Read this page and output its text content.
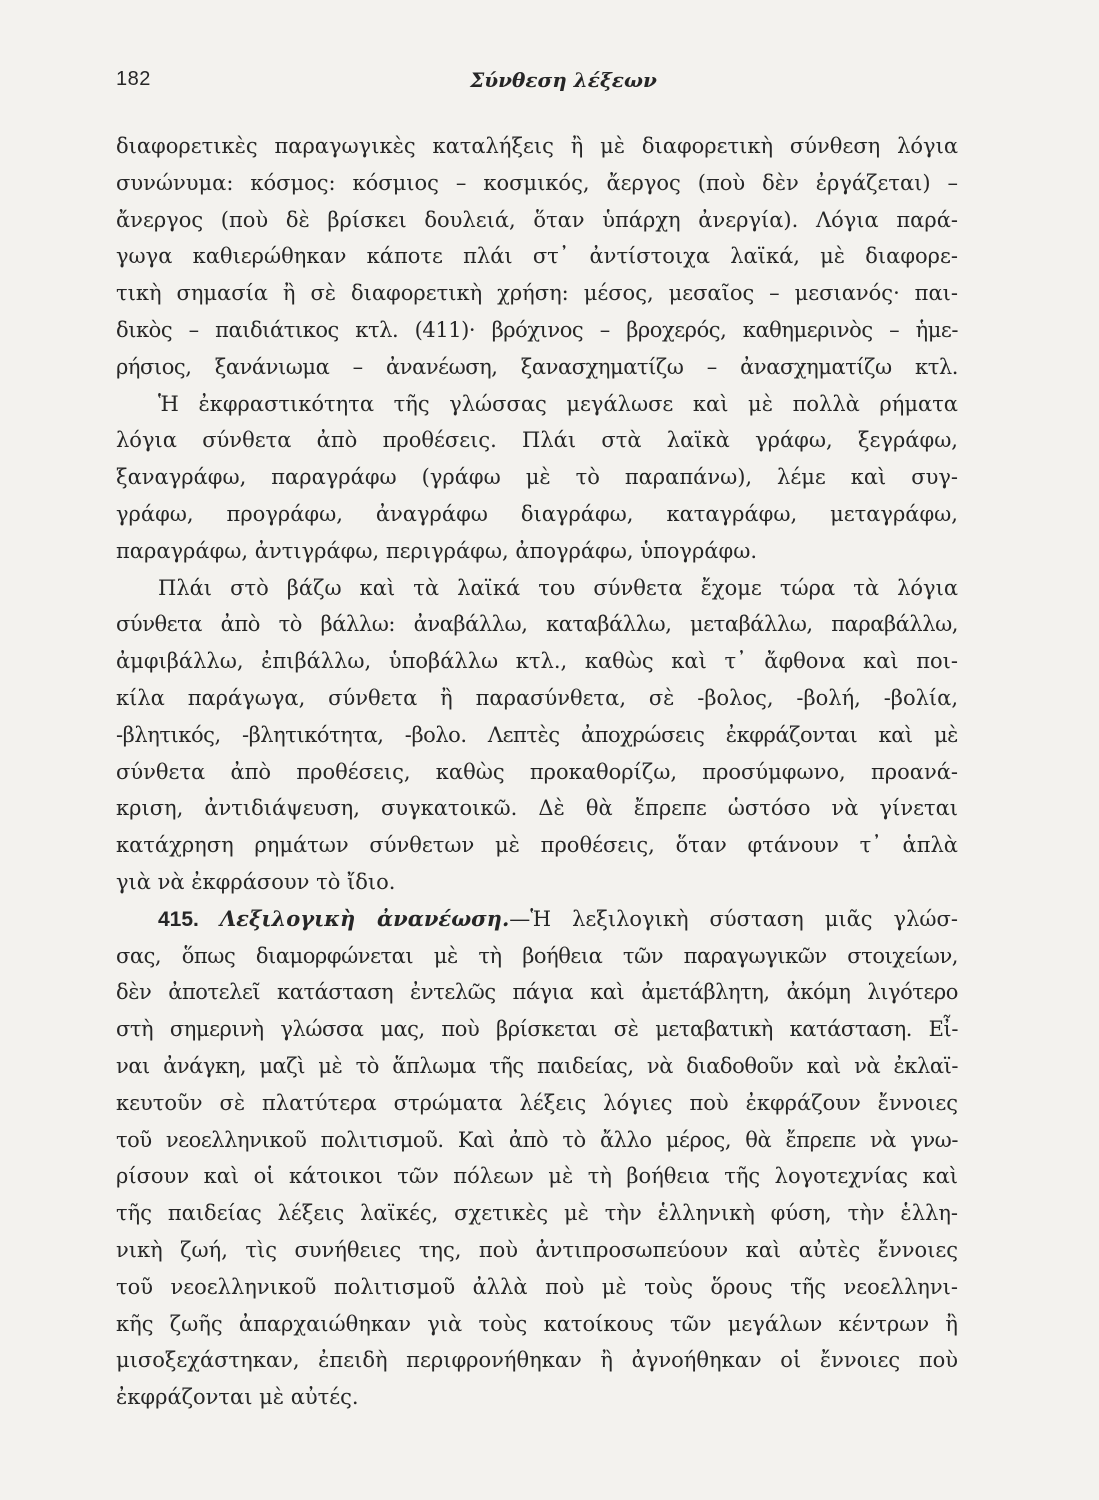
182	Σύνθεση λέξεων
διαφορετικὲς παραγωγικὲς καταλήξεις ἢ μὲ διαφορετικὴ σύνθεση λόγια
συνώνυμα: κόσμος: κόσμιος – κοσμικός, ἄεργος (ποὺ δὲν ἐργάζεται) –
ἄνεργος (ποὺ δὲ βρίσκει δουλειά, ὅταν ὑπάρχη ἀνεργία). Λόγια παρά-
γωγα καθιερώθηκαν κάποτε πλάι στ᾿ ἀντίστοιχα λαϊκά, μὲ διαφορε-
τικὴ σημασία ἢ σὲ διαφορετικὴ χρήση: μέσος, μεσαῖος – μεσιανός· παι-
δικὸς – παιδιάτικος κτλ. (411)· βρόχινος – βροχερός, καθημερινὸς – ἡμε-
ρήσιος, ξανάνιωμα – ἀνανέωση, ξανασχηματίζω – ἀνασχηματίζω κτλ.
Ἡ ἐκφραστικότητα τῆς γλώσσας μεγάλωσε καὶ μὲ πολλὰ ρήματα
λόγια σύνθετα ἀπὸ προθέσεις. Πλάι στὰ λαϊκὰ γράφω, ξεγράφω,
ξαναγράφω, παραγράφω (γράφω μὲ τὸ παραπάνω), λέμε καὶ συγ-
γράφω, προγράφω, ἀναγράφω διαγράφω, καταγράφω, μεταγράφω,
παραγράφω, ἀντιγράφω, περιγράφω, ἀπογράφω, ὑπογράφω.
Πλάι στὸ βάζω καὶ τὰ λαϊκά του σύνθετα ἔχομε τώρα τὰ λόγια
σύνθετα ἀπὸ τὸ βάλλω: ἀναβάλλω, καταβάλλω, μεταβάλλω, παραβάλλω,
ἀμφιβάλλω, ἐπιβάλλω, ὑποβάλλω κτλ., καθὼς καὶ τ᾿ ἄφθονα καὶ ποι-
κίλα παράγωγα, σύνθετα ἢ παρασύνθετα, σὲ -βολος, -βολή, -βολία,
-βλητικός, -βλητικότητα, -βολο. Λεπτὲς ἀποχρώσεις ἐκφράζονται καὶ μὲ
σύνθετα ἀπὸ προθέσεις, καθὼς προκαθορίζω, προσύμφωνο, προανά-
κριση, ἀντιδιάψευση, συγκατοικῶ. Δὲ θὰ ἔπρεπε ὡστόσο νὰ γίνεται
κατάχρηση ρημάτων σύνθετων μὲ προθέσεις, ὅταν φτάνουν τ᾿ ἁπλὰ
γιὰ νὰ ἐκφράσουν τὸ ἴδιο.
415. Λεξιλογικὴ ἀνανέωση.—Ἡ λεξιλογικὴ σύσταση μιᾶς γλώσ-
σας, ὅπως διαμορφώνεται μὲ τὴ βοήθεια τῶν παραγωγικῶν στοιχείων,
δὲν ἀποτελεῖ κατάσταση ἐντελῶς πάγια καὶ ἀμετάβλητη, ἀκόμη λιγότερο
στὴ σημερινὴ γλώσσα μας, ποὺ βρίσκεται σὲ μεταβατικὴ κατάσταση. Εἶ-
ναι ἀνάγκη, μαζὶ μὲ τὸ ἅπλωμα τῆς παιδείας, νὰ διαδοθοῦν καὶ νὰ ἐκλαϊ-
κευτοῦν σὲ πλατύτερα στρώματα λέξεις λόγιες ποὺ ἐκφράζουν ἔννοιες
τοῦ νεοελληνικοῦ πολιτισμοῦ. Καὶ ἀπὸ τὸ ἄλλο μέρος, θὰ ἔπρεπε νὰ γνω-
ρίσουν καὶ οἱ κάτοικοι τῶν πόλεων μὲ τὴ βοήθεια τῆς λογοτεχνίας καὶ
τῆς παιδείας λέξεις λαϊκές, σχετικὲς μὲ τὴν ἑλληνικὴ φύση, τὴν ἑλλη-
νικὴ ζωή, τὶς συνήθειες της, ποὺ ἀντιπροσωπεύουν καὶ αὐτὲς ἔννοιες
τοῦ νεοελληνικοῦ πολιτισμοῦ ἀλλὰ ποὺ μὲ τοὺς ὅρους τῆς νεοελληνι-
κῆς ζωῆς ἀπαρχαιώθηκαν γιὰ τοὺς κατοίκους τῶν μεγάλων κέντρων ἢ
μισοξεχάστηκαν, ἐπειδὴ περιφρονήθηκαν ἢ ἀγνοήθηκαν οἱ ἔννοιες ποὺ
ἐκφράζονται μὲ αὐτές.
